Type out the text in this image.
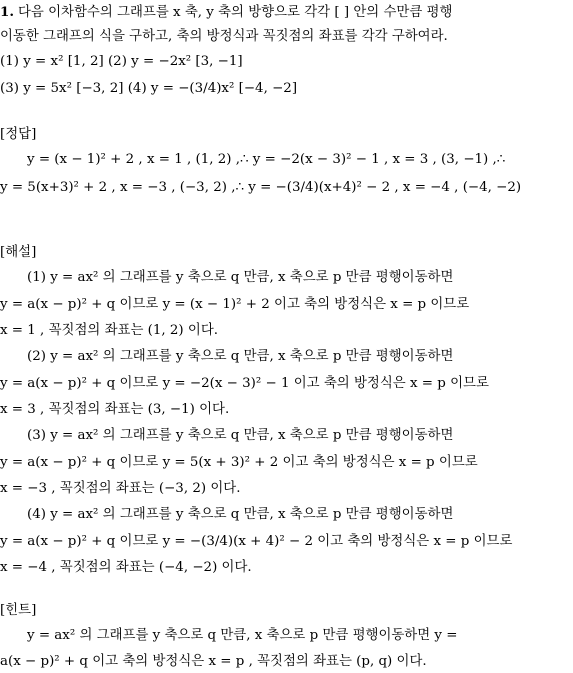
1. 다음 이차함수의 그래프를 x 축, y 축의 방향으로 각각 [ ] 안의 수만큼 평행
이동한 그래프의 식을 구하고, 축의 방정식과 꼭짓점의 좌표를 각각 구하여라.
(1) y = x² [1, 2] (2) y = −2x² [3, −1]
(3) y = 5x² [−3, 2] (4) y = −(3/4)x² [−4, −2]
[정답]
y = (x − 1)² + 2 , x = 1 , (1, 2) ,∴ y = −2(x − 3)² − 1 , x = 3 , (3, −1) ,∴
y = 5(x+3)² + 2 , x = −3 , (−3, 2) ,∴ y = −(3/4)(x+4)² − 2 , x = −4 , (−4, −2)
[해설]
(1) y = ax² 의 그래프를 y 축으로 q 만큼, x 축으로 p 만큼 평행이동하면
y = a(x − p)² + q 이므로 y = (x − 1)² + 2 이고 축의 방정식은 x = p 이므로
x = 1 , 꼭짓점의 좌표는 (1, 2) 이다.
(2) y = ax² 의 그래프를 y 축으로 q 만큼, x 축으로 p 만큼 평행이동하면
y = a(x − p)² + q 이므로 y = −2(x − 3)² − 1 이고 축의 방정식은 x = p 이므로
x = 3 , 꼭짓점의 좌표는 (3, −1) 이다.
(3) y = ax² 의 그래프를 y 축으로 q 만큼, x 축으로 p 만큼 평행이동하면
y = a(x − p)² + q 이므로 y = 5(x + 3)² + 2 이고 축의 방정식은 x = p 이므로
x = −3 , 꼭짓점의 좌표는 (−3, 2) 이다.
(4) y = ax² 의 그래프를 y 축으로 q 만큼, x 축으로 p 만큼 평행이동하면
y = a(x − p)² + q 이므로 y = −(3/4)(x + 4)² − 2 이고 축의 방정식은 x = p 이므로
x = −4 , 꼭짓점의 좌표는 (−4, −2) 이다.
[힌트]
y = ax² 의 그래프를 y 축으로 q 만큼, x 축으로 p 만큼 평행이동하면 y =
a(x − p)² + q 이고 축의 방정식은 x = p , 꼭짓점의 좌표는 (p, q) 이다.
